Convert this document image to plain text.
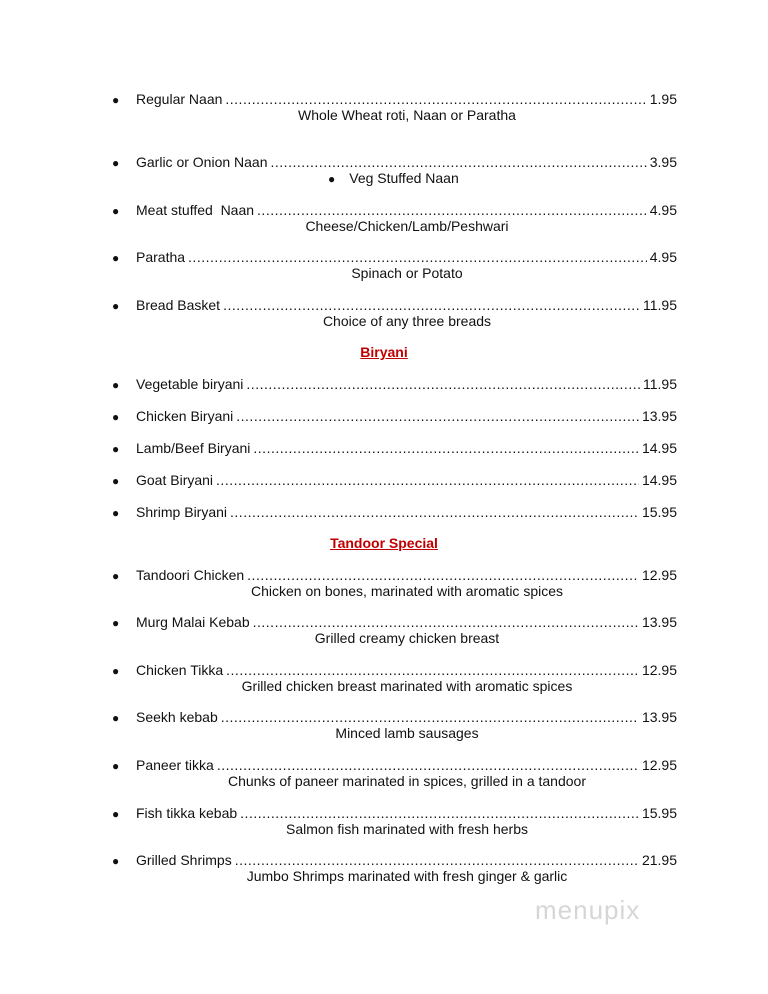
● Veg Stuffed Naan
Biryani
Tandoor Special
menupix
●	Regular Naan .....	1.95
Whole Wheat roti, Naan or Paratha
●	Garlic or Onion Naan .....	3.95
●	Meat stuffed  Naan .....	4.95
Cheese/Chicken/Lamb/Peshwari
●	Paratha .....	4.95
Spinach or Potato
●	Bread Basket .....	11.95
Choice of any three breads
●	Vegetable biryani .....	11.95
●	Chicken Biryani .....	13.95
●	Lamb/Beef Biryani .....	14.95
●	Goat Biryani .....	14.95
●	Shrimp Biryani .....	15.95
●	Tandoori Chicken .....	12.95
Chicken on bones, marinated with aromatic spices
●	Murg Malai Kebab .....	13.95
Grilled creamy chicken breast
●	Chicken Tikka .....	12.95
Grilled chicken breast marinated with aromatic spices
●	Seekh kebab .....	13.95
Minced lamb sausages
●	Paneer tikka .....	12.95
Chunks of paneer marinated in spices, grilled in a tandoor
●	Fish tikka kebab .....	15.95
Salmon fish marinated with fresh herbs
●	Grilled Shrimps .....	21.95
Jumbo Shrimps marinated with fresh ginger & garlic
